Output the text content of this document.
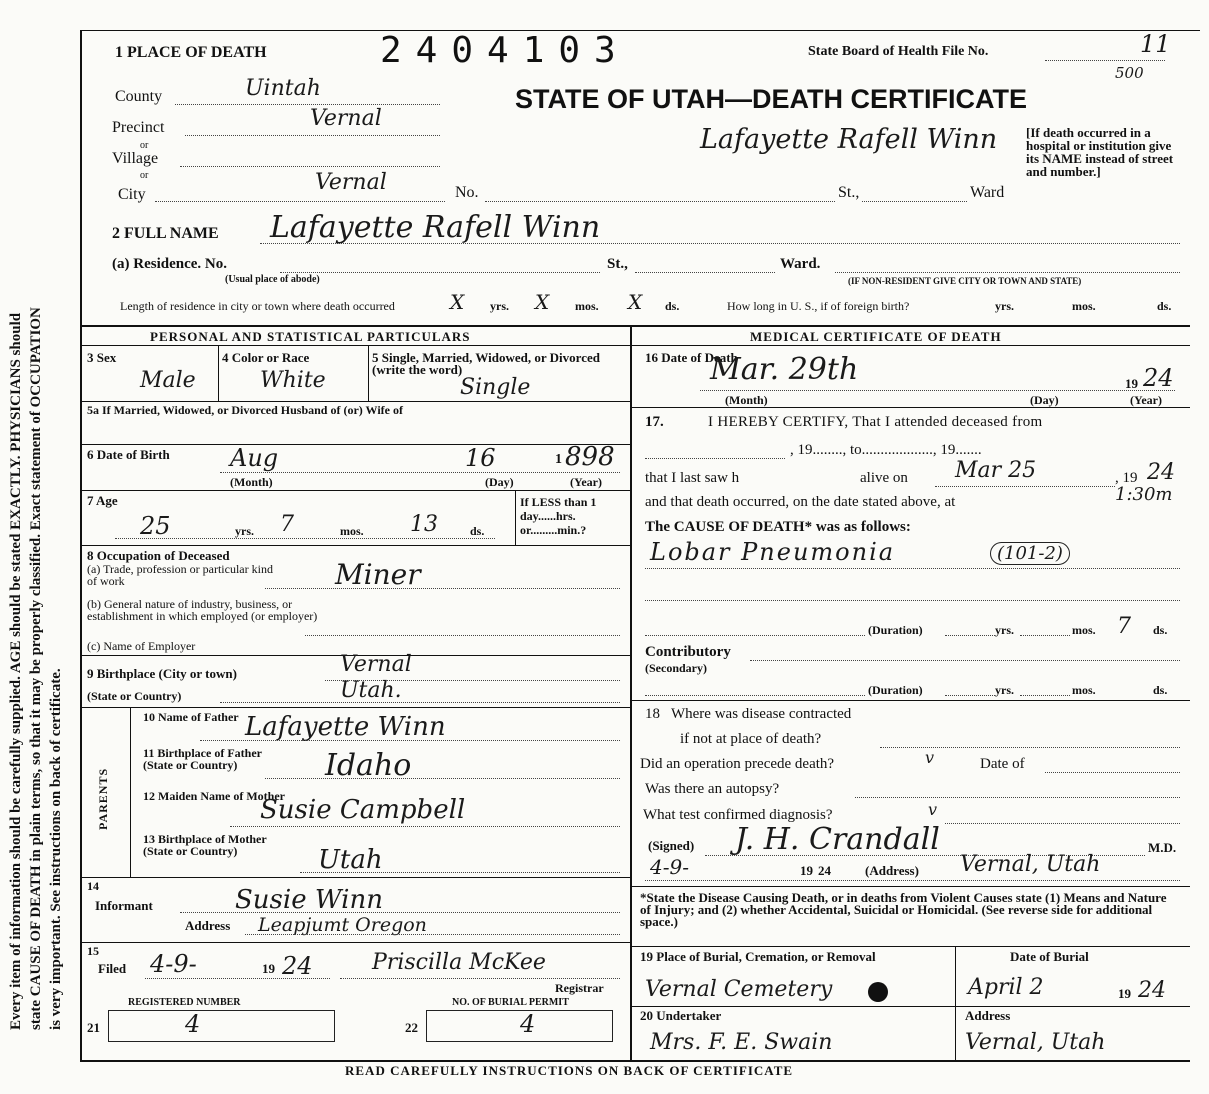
Every item of information should be carefully supplied. AGE should be stated EXACTLY. PHYSICIANS should state CAUSE OF DEATH in plain terms, so that it may be properly classified. Exact statement of OCCUPATION is very important. See instructions on back of certificate.
1 PLACE OF DEATH	2404103	State Board of Health File No.	11
500
STATE OF UTAH—DEATH CERTIFICATE
County	Uintah
Precinct	Vernal
or
Village
or
City	Vernal	No.	St.,	Ward
Lafayette Rafell Winn [If death occurred in a hospital or institution give its NAME instead of street and number.]
2 FULL NAME Lafayette Rafell Winn
(a) Residence. No.
(Usual place of abode)
St.,	Ward.
(IF NON-RESIDENT GIVE CITY OR TOWN AND STATE)
Length of residence in city or town where death occurred	X yrs. X mos. X ds.	How long in U. S., if of foreign birth?	yrs.	mos.	ds.
PERSONAL AND STATISTICAL PARTICULARS	MEDICAL CERTIFICATE OF DEATH
3 Sex
Male
4 Color or Race
White
5 Single, Married, Widowed, or Divorced (write the word)
Single
5a If Married, Widowed, or Divorced Husband of (or) Wife of
6 Date of Birth	Aug	16	1 898
(Month)	(Day)	(Year)
7 Age
25	yrs. 7	mos. 13	ds.
If LESS than 1 day......hrs. or.........min.?
8 Occupation of Deceased
(a) Trade, profession or particular kind of work	Miner
(b) General nature of industry, business, or establishment in which employed (or employer)
(c) Name of Employer
9 Birthplace (City or town)	Vernal
(State or Country)	Utah.
PARENTS
10 Name of Father Lafayette Winn
11 Birthplace of Father (State or Country)	Idaho
12 Maiden Name of Mother
Susie Campbell
13 Birthplace of Mother (State or Country)	Utah
14
Informant	Susie Winn
Address Leapjumt Oregon
15
Filed 4-9-	19 24	Priscilla McKee
Registrar
REGISTERED NUMBER	NO. OF BURIAL PERMIT
21	4	22	4
16 Date of Death
Mar. 29th	19 24
(Month)	(Day)	(Year)
17.	I HEREBY CERTIFY, That I attended deceased from
, 19........, to..................., 19.......
that I last saw h	alive on Mar 25	, 19 24
and that death occurred, on the date stated above, at	1:30m
The CAUSE OF DEATH* was as follows:
Lobar Pneumonia	(101-2)
(Duration)	yrs.	mos. 7 ds.
Contributory
(Secondary)
(Duration)	yrs.	mos.	ds.
18   Where was disease contracted
if not at place of death?
Did an operation precede death?	v	Date of
Was there an autopsy?
What test confirmed diagnosis?	v
(Signed) J. H. Crandall	M.D.
4-9-	19 24	(Address) Vernal, Utah
*State the Disease Causing Death, or in deaths from Violent Causes state (1) Means and Nature of Injury; and (2) whether Accidental, Suicidal or Homicidal. (See reverse side for additional space.)
19 Place of Burial, Cremation, or Removal
Vernal Cemetery
Date of Burial
April 2	19 24
20 Undertaker
Mrs. F. E. Swain
Address
Vernal, Utah
READ CAREFULLY INSTRUCTIONS ON BACK OF CERTIFICATE
